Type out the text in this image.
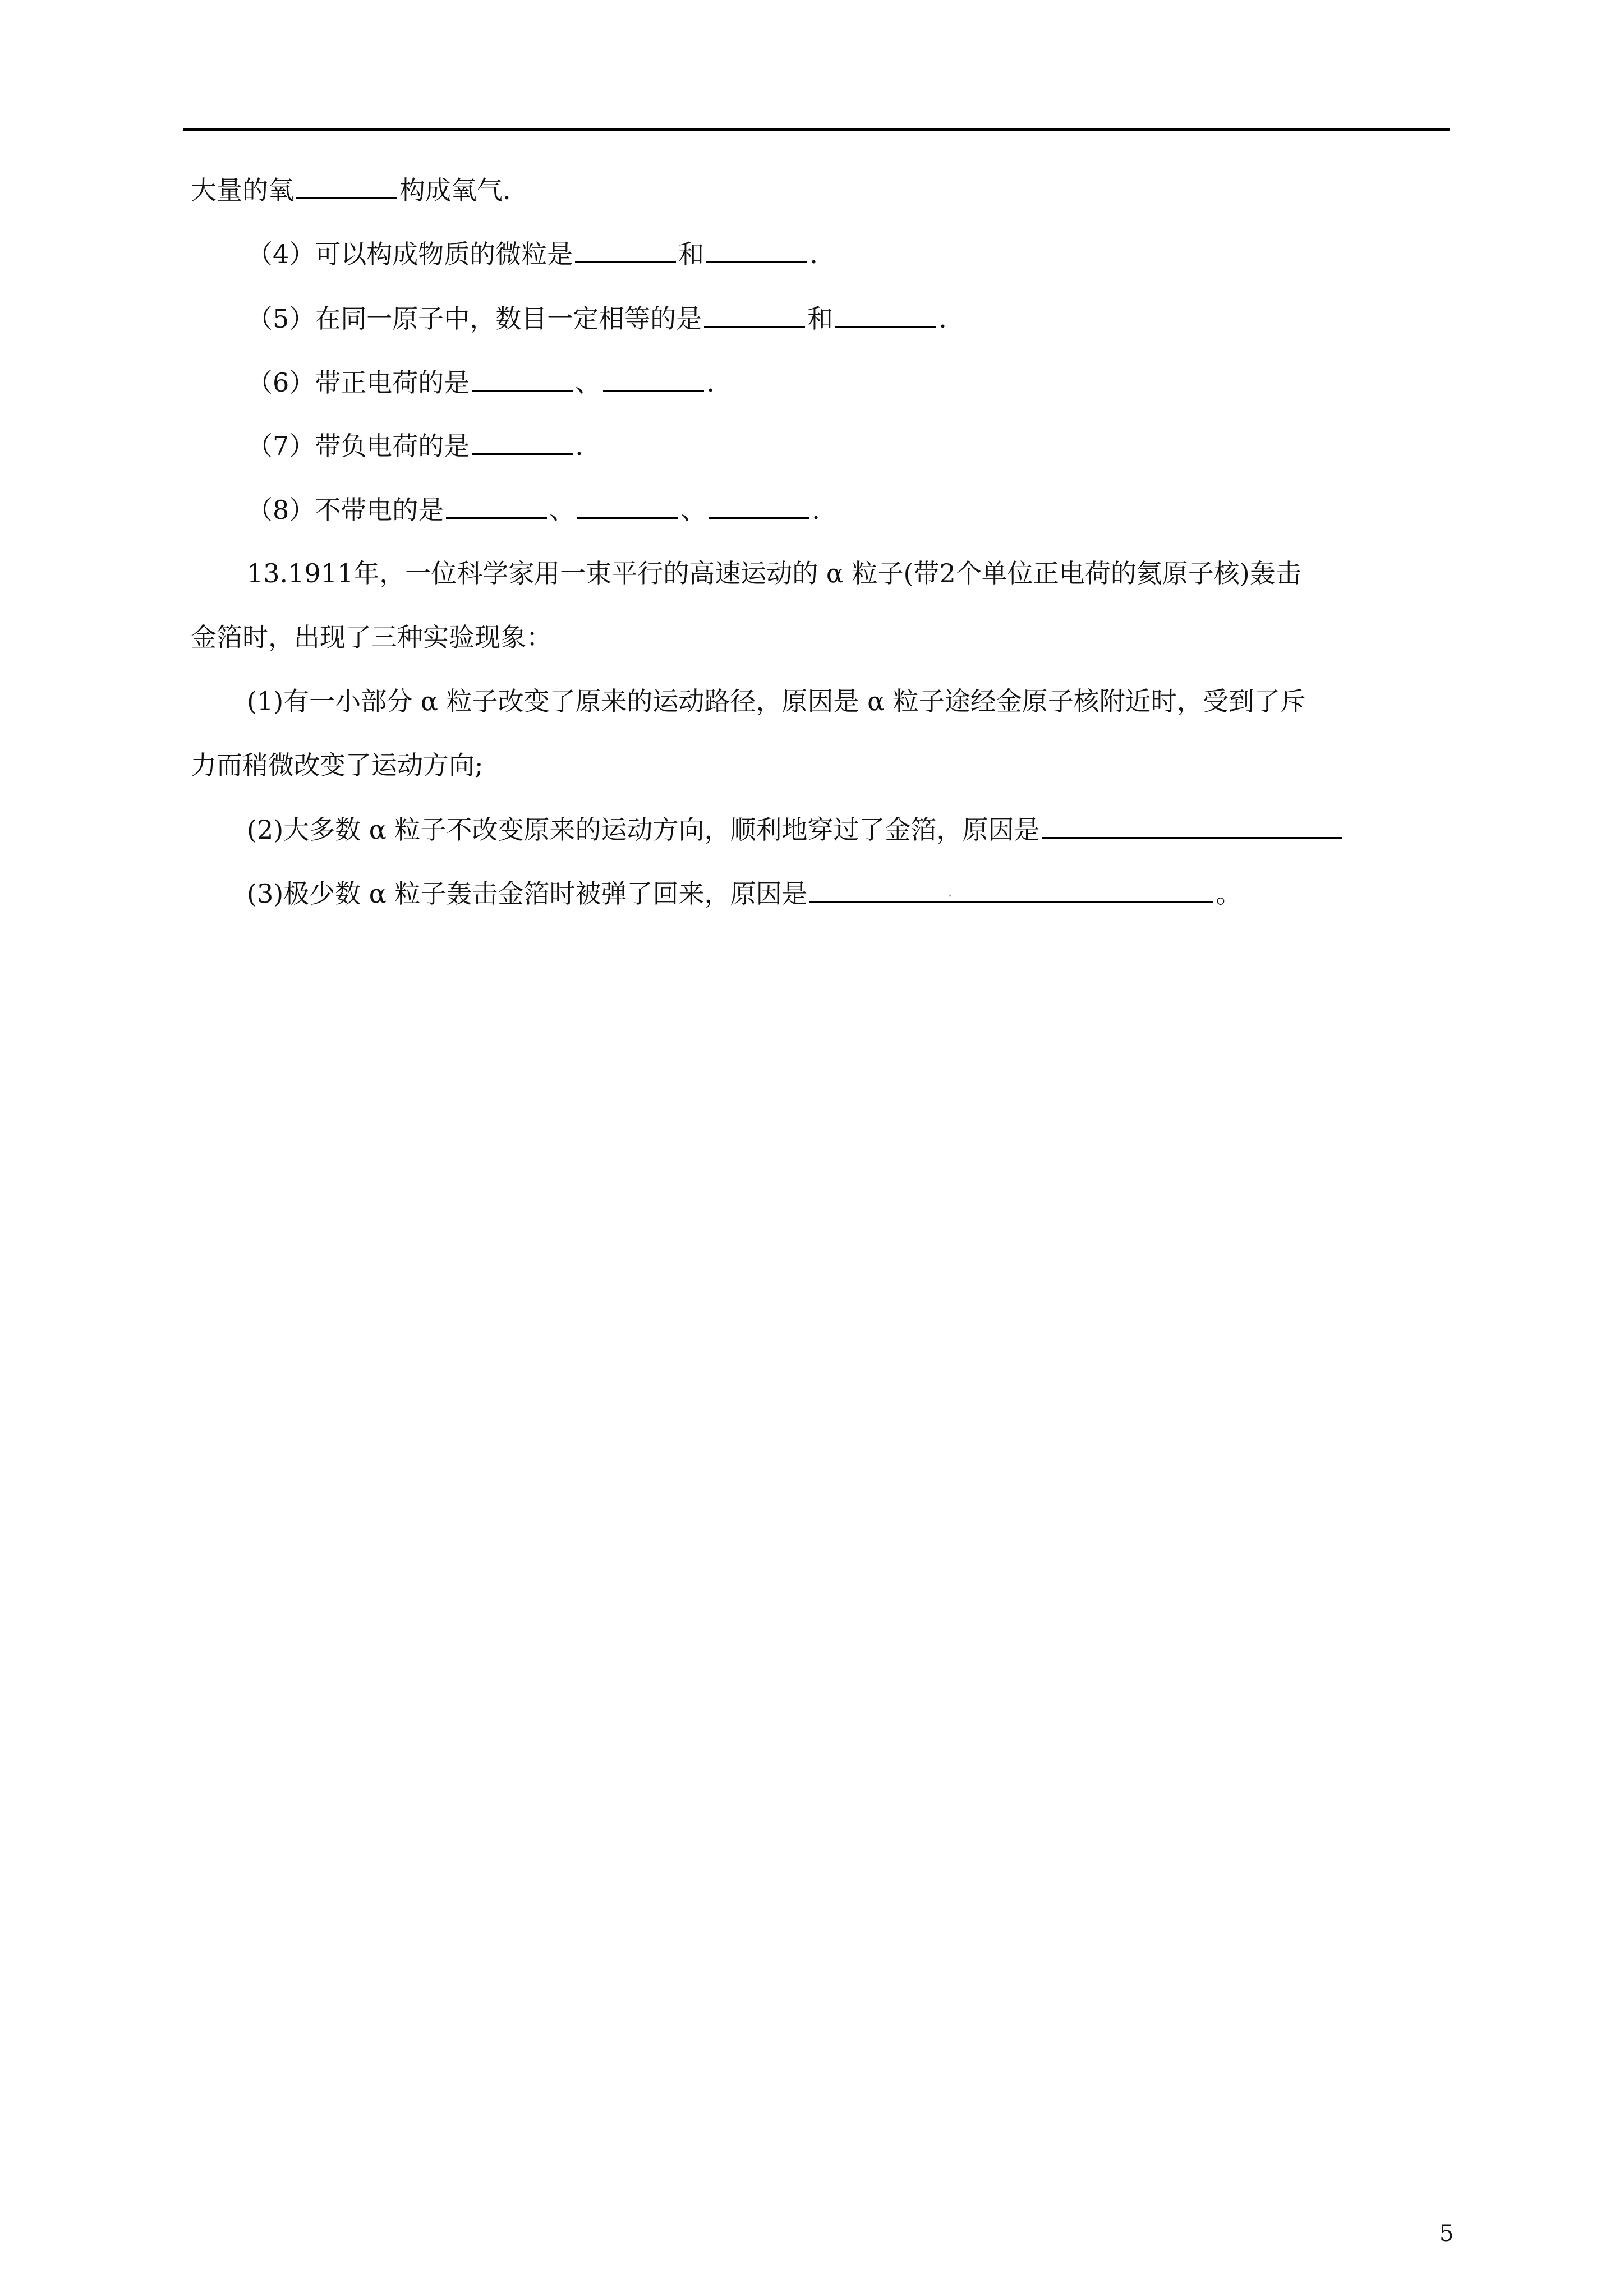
大量的氧	构成氧气.
（4）可以构成物质的微粒是	和	.
（5）在同一原子中，数目一定相等的是	和	.
（6）带正电荷的是	、	.
（7）带负电荷的是	.
（8）不带电的是	、	、	.
13.1911年，一位科学家用一束平行的高速运动的 α 粒子(带2个单位正电荷的氦原子核)轰击
金箔时，出现了三种实验现象：
(1)有一小部分 α 粒子改变了原来的运动路径，原因是 α 粒子途经金原子核附近时，受到了斥
力而稍微改变了运动方向;
(2)大多数 α 粒子不改变原来的运动方向，顺利地穿过了金箔，原因是
(3)极少数 α 粒子轰击金箔时被弹了回来，原因是	.	。
5
